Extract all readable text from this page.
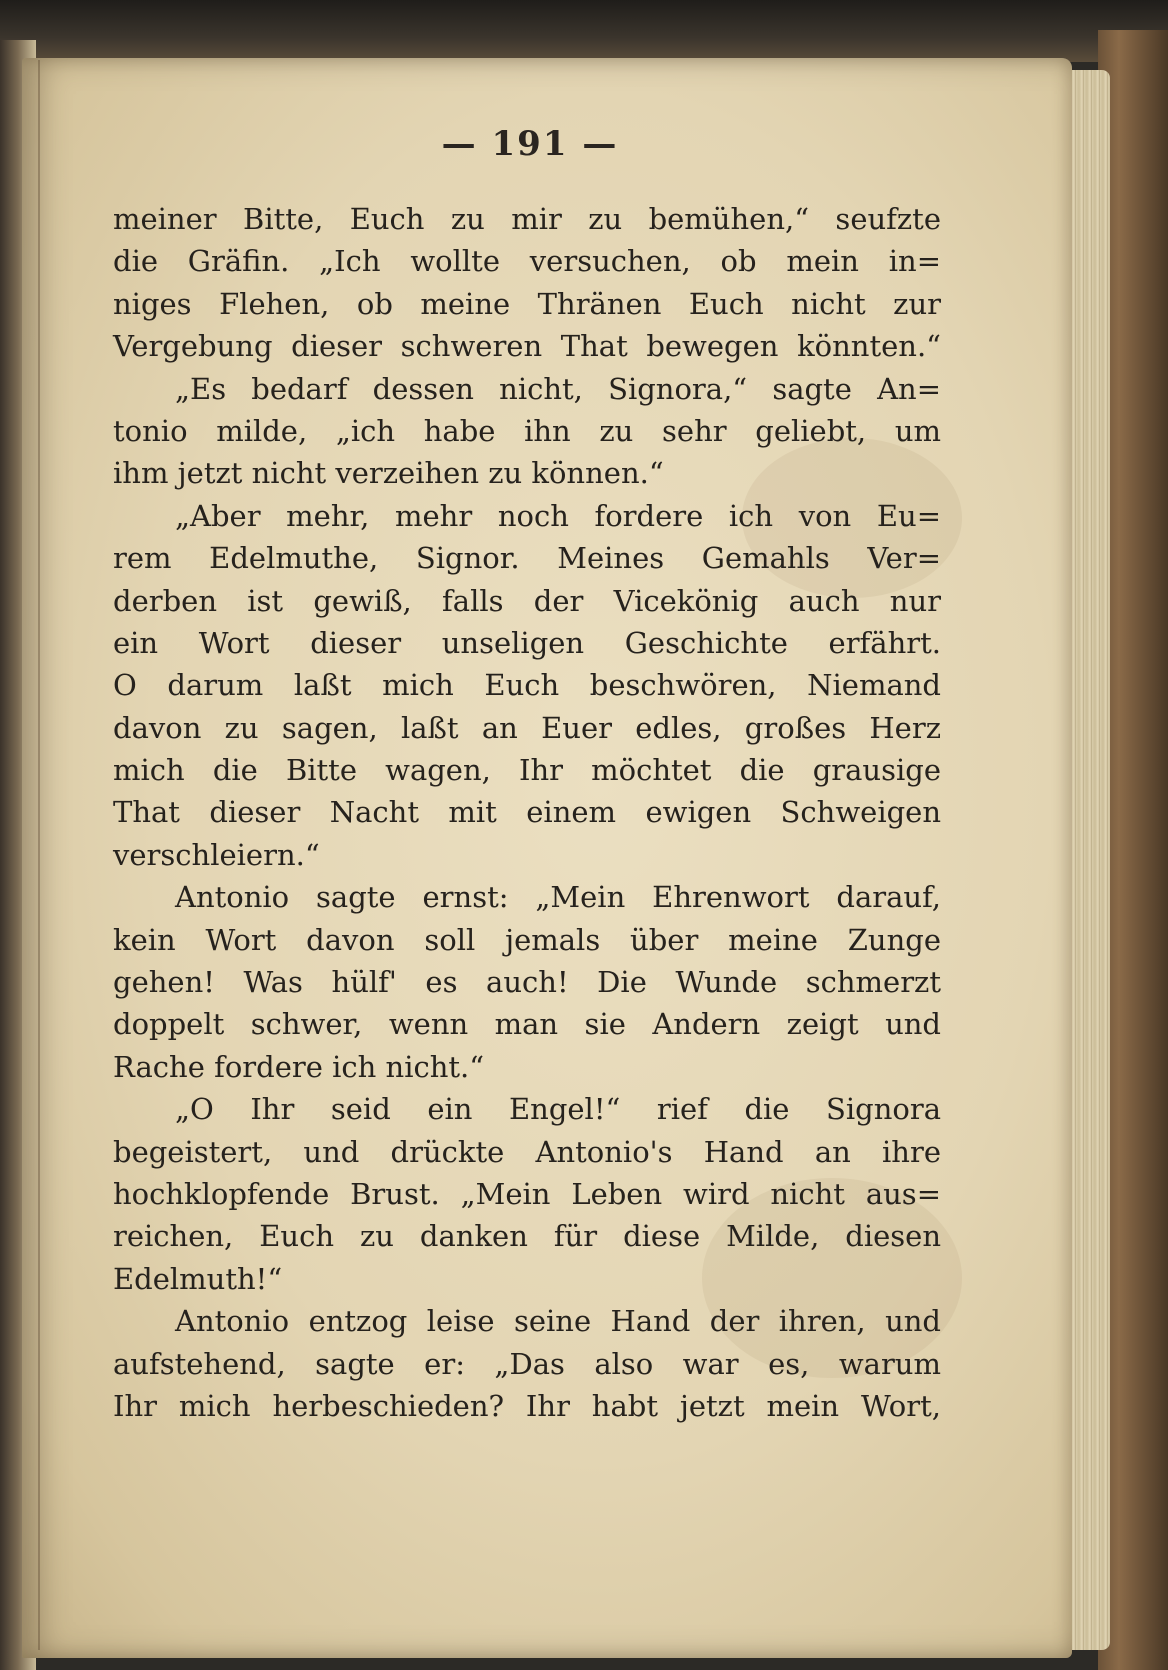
— 191 —
meiner Bitte, Euch zu mir zu bemühen,“ seufzte
die Gräfin. „Ich wollte versuchen, ob mein in=
niges Flehen, ob meine Thränen Euch nicht zur
Vergebung dieser schweren That bewegen könnten.“
„Es bedarf dessen nicht, Signora,“ sagte An=
tonio milde, „ich habe ihn zu sehr geliebt, um
ihm jetzt nicht verzeihen zu können.“
„Aber mehr, mehr noch fordere ich von Eu=
rem Edelmuthe, Signor. Meines Gemahls Ver=
derben ist gewiß, falls der Vicekönig auch nur
ein Wort dieser unseligen Geschichte erfährt.
O darum laßt mich Euch beschwören, Niemand
davon zu sagen, laßt an Euer edles, großes Herz
mich die Bitte wagen, Ihr möchtet die grausige
That dieser Nacht mit einem ewigen Schweigen
verschleiern.“
Antonio sagte ernst: „Mein Ehrenwort darauf,
kein Wort davon soll jemals über meine Zunge
gehen! Was hülf' es auch! Die Wunde schmerzt
doppelt schwer, wenn man sie Andern zeigt und
Rache fordere ich nicht.“
„O Ihr seid ein Engel!“ rief die Signora
begeistert, und drückte Antonio's Hand an ihre
hochklopfende Brust. „Mein Leben wird nicht aus=
reichen, Euch zu danken für diese Milde, diesen
Edelmuth!“
Antonio entzog leise seine Hand der ihren, und
aufstehend, sagte er: „Das also war es, warum
Ihr mich herbeschieden? Ihr habt jetzt mein Wort,
